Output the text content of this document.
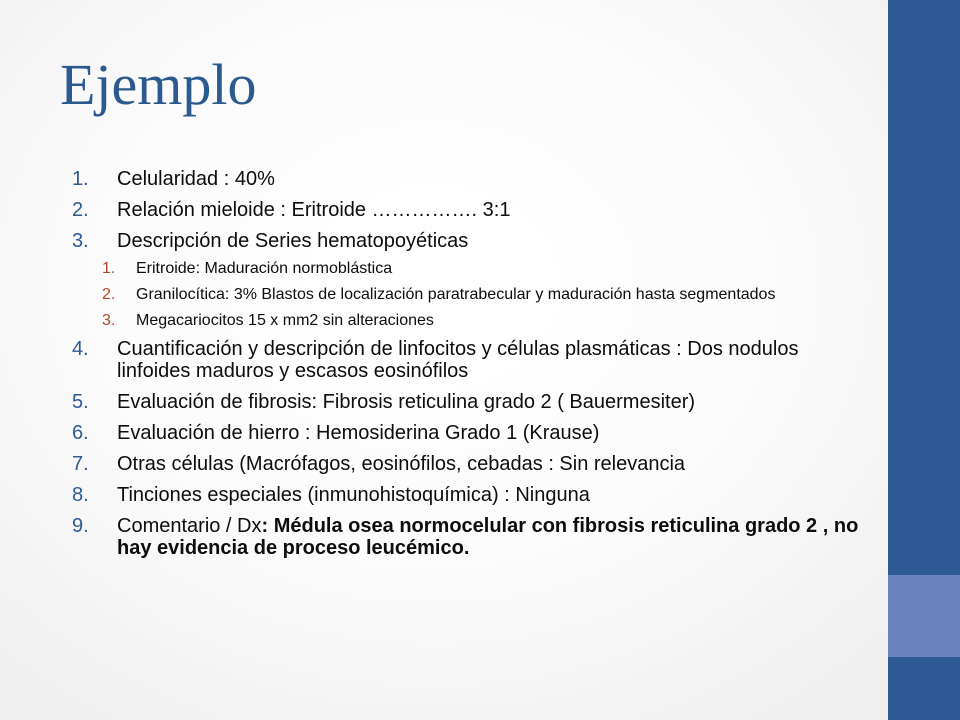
Ejemplo
1.	Celularidad : 40%
2.	Relación mieloide : Eritroide ……………. 3:1
3.	Descripción de Series hematopoyéticas
1.	Eritroide: Maduración normoblástica
2.	Granilocítica: 3% Blastos de localización paratrabecular y maduración hasta segmentados
3.	Megacariocitos 15 x mm2 sin alteraciones
4.	Cuantificación y descripción de linfocitos y células plasmáticas : Dos nodulos linfoides maduros y escasos eosinófilos
5.	Evaluación de fibrosis: Fibrosis reticulina grado 2 ( Bauermesiter)
6.	Evaluación de hierro : Hemosiderina Grado 1 (Krause)
7.	Otras células (Macrófagos, eosinófilos, cebadas : Sin relevancia
8.	Tinciones especiales (inmunohistoquímica) : Ninguna
9.	Comentario / Dx: Médula osea normocelular con fibrosis reticulina grado 2 , no hay evidencia de proceso leucémico.
